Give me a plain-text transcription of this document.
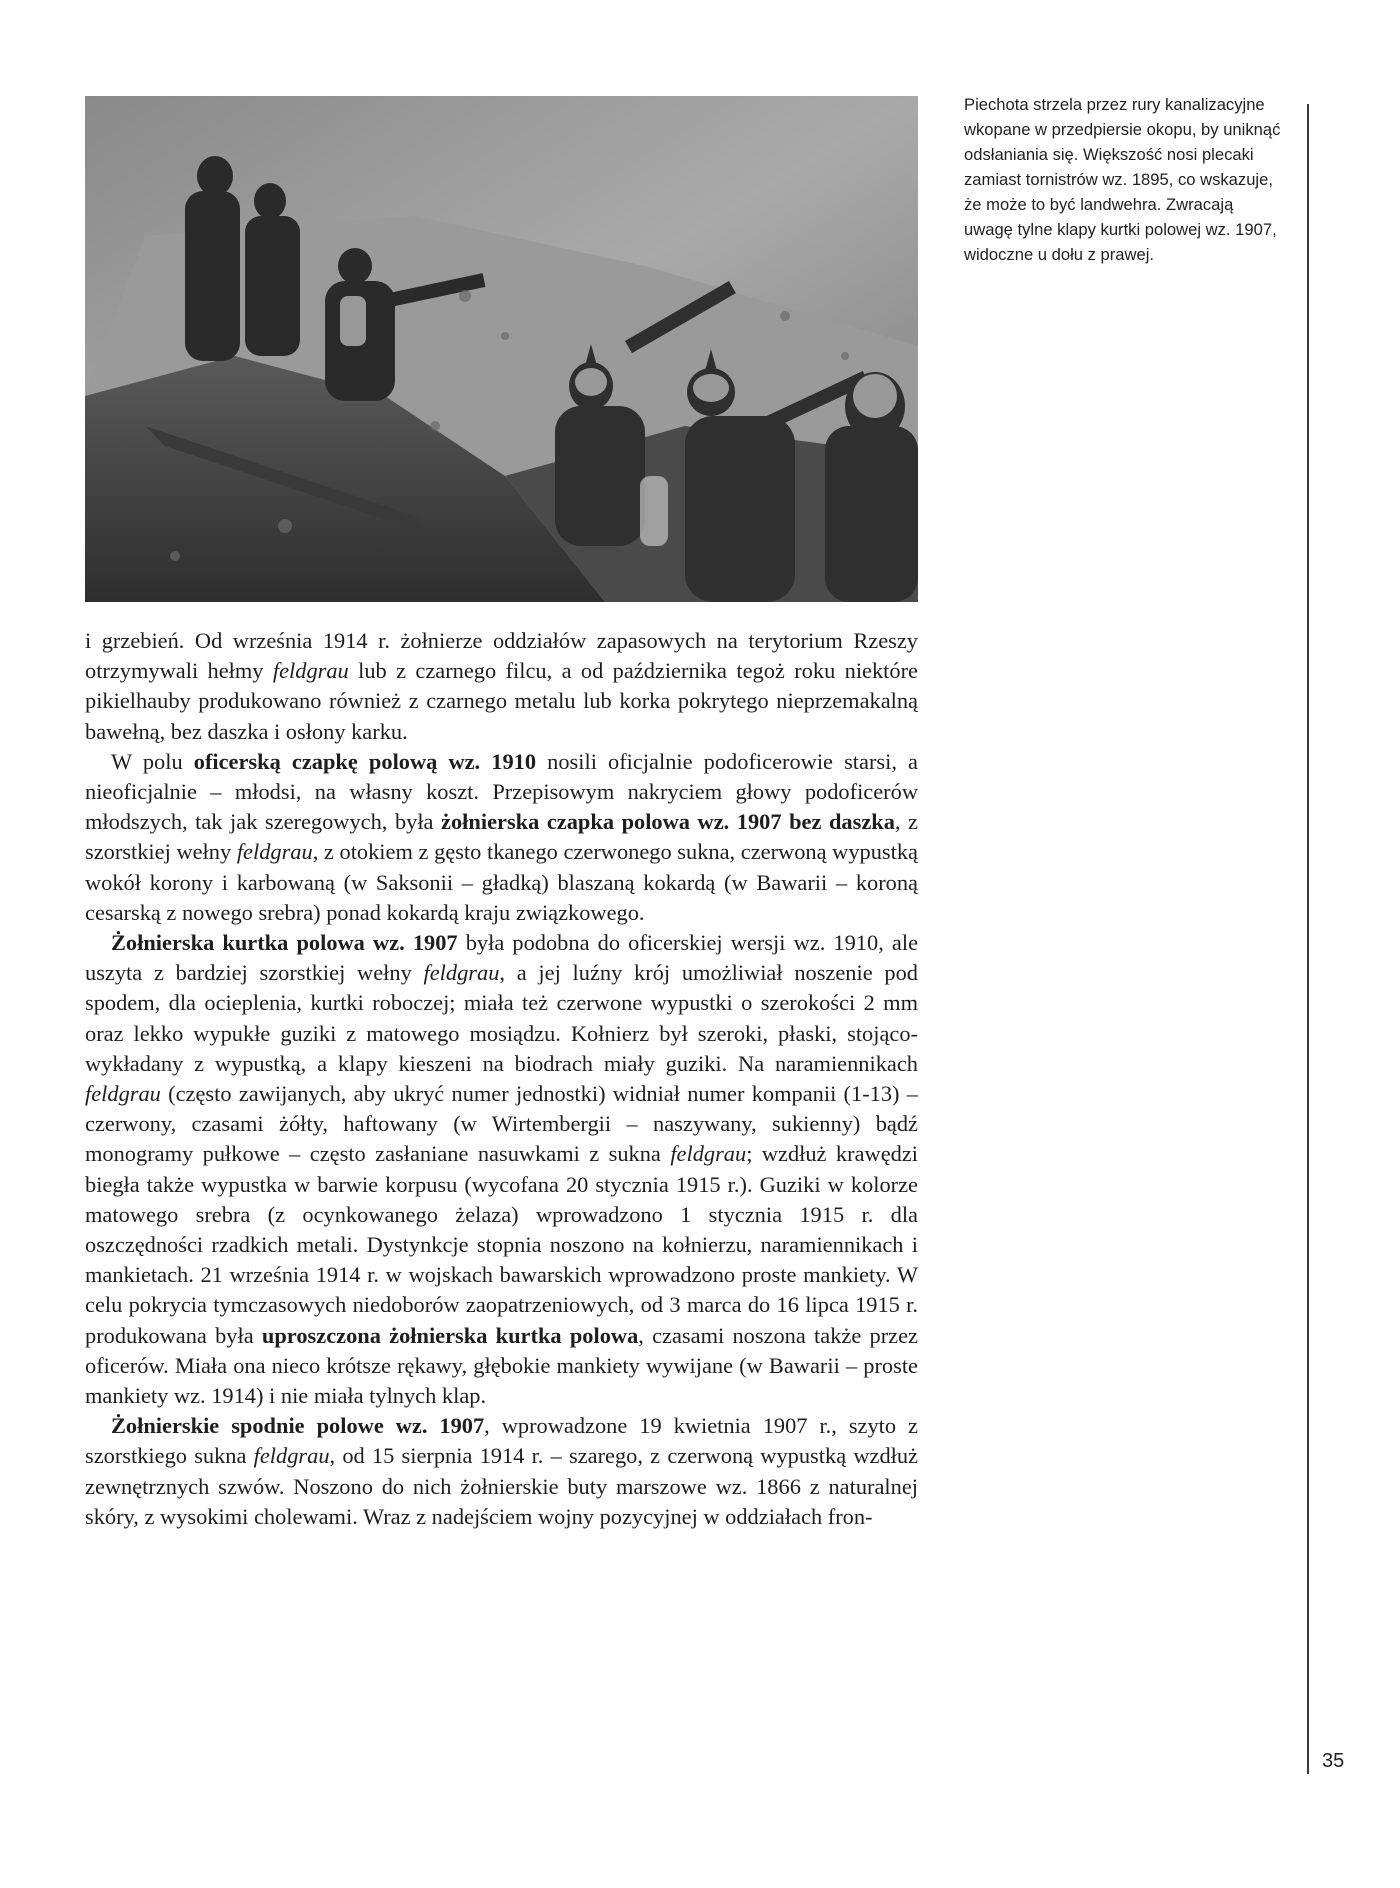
Piechota strzela przez rury kanalizacyjne wkopane w przedpiersie okopu, by uniknąć odsłaniania się. Większość nosi plecaki zamiast tornistrów wz. 1895, co wskazuje, że może to być landwehra. Zwracają uwagę tylne klapy kurtki polowej wz. 1907, widoczne u dołu z prawej.

35

i grzebień. Od września 1914 r. żołnierze oddziałów zapasowych na terytorium Rzeszy otrzymywali hełmy feldgrau lub z czarnego filcu, a od października tegoż roku niektóre pikielhauby produkowano również z czarnego metalu lub korka pokrytego nieprzemakalną bawełną, bez daszka i osłony karku.

W polu oficerską czapkę polową wz. 1910 nosili oficjalnie podoficerowie starsi, a nieoficjalnie – młodsi, na własny koszt. Przepisowym nakryciem głowy podoficerów młodszych, tak jak szeregowych, była żołnierska czapka polowa wz. 1907 bez daszka, z szorstkiej wełny feldgrau, z otokiem z gęsto tkanego czerwonego sukna, czerwoną wypustką wokół korony i karbowaną (w Saksonii – gładką) blaszaną kokardą (w Bawarii – koroną cesarską z nowego srebra) ponad kokardą kraju związkowego.

Żołnierska kurtka polowa wz. 1907 była podobna do oficerskiej wersji wz. 1910, ale uszyta z bardziej szorstkiej wełny feldgrau, a jej luźny krój umożliwiał noszenie pod spodem, dla ocieplenia, kurtki roboczej; miała też czerwone wypustki o szerokości 2 mm oraz lekko wypukłe guziki z matowego mosiądzu. Kołnierz był szeroki, płaski, stojąco-wykładany z wypustką, a klapy kieszeni na biodrach miały guziki. Na naramiennikach feldgrau (często zawijanych, aby ukryć numer jednostki) widniał numer kompanii (1-13) – czerwony, czasami żółty, haftowany (w Wirtembergii – naszywany, sukienny) bądź monogramy pułkowe – często zasłaniane nasuwkami z sukna feldgrau; wzdłuż krawędzi biegła także wypustka w barwie korpusu (wycofana 20 stycznia 1915 r.). Guziki w kolorze matowego srebra (z ocynkowanego żelaza) wprowadzono 1 stycznia 1915 r. dla oszczędności rzadkich metali. Dystynkcje stopnia noszono na kołnierzu, naramiennikach i mankietach. 21 września 1914 r. w wojskach bawarskich wprowadzono proste mankiety. W celu pokrycia tymczasowych niedoborów zaopatrzeniowych, od 3 marca do 16 lipca 1915 r. produkowana była uproszczona żołnierska kurtka polowa, czasami noszona także przez oficerów. Miała ona nieco krótsze rękawy, głębokie mankiety wywijane (w Bawarii – proste mankiety wz. 1914) i nie miała tylnych klap.

Żołnierskie spodnie polowe wz. 1907, wprowadzone 19 kwietnia 1907 r., szyto z szorstkiego sukna feldgrau, od 15 sierpnia 1914 r. – szarego, z czerwoną wypustką wzdłuż zewnętrznych szwów. Noszono do nich żołnierskie buty marszowe wz. 1866 z naturalnej skóry, z wysokimi cholewami. Wraz z nadejściem wojny pozycyjnej w oddziałach fron-
